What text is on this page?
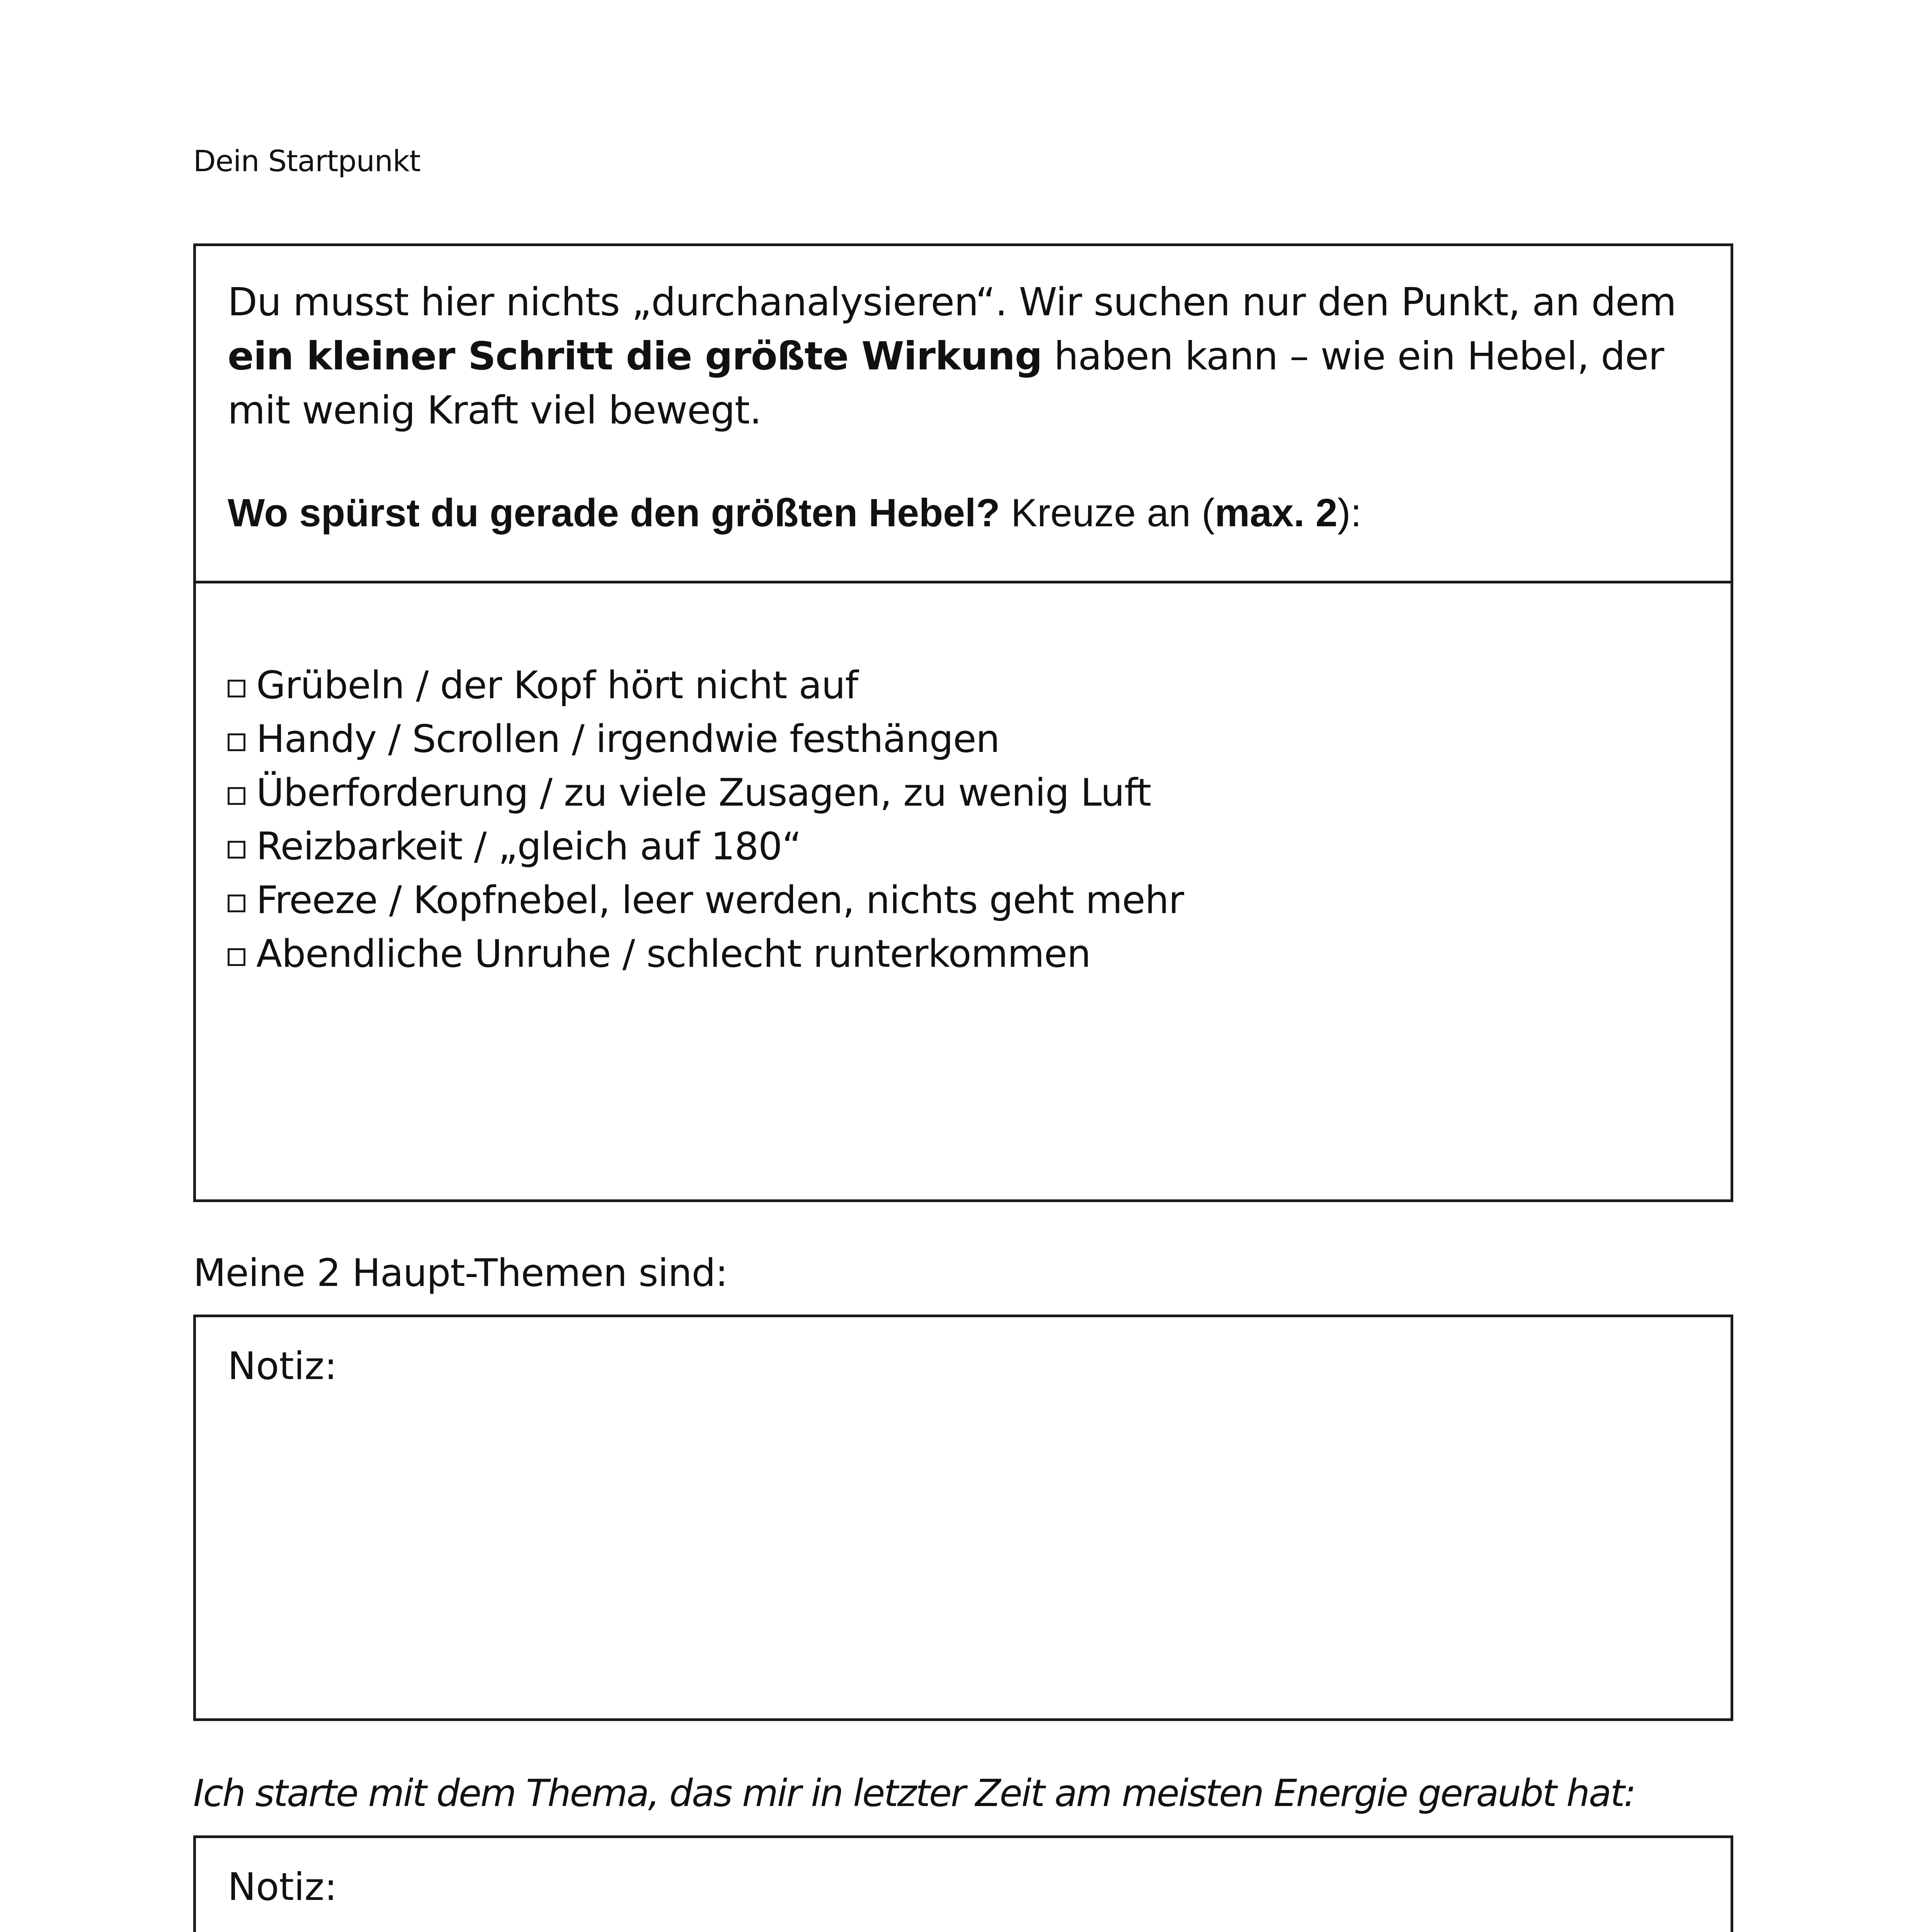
Dein Startpunkt
Du musst hier nichts „durchanalysieren“. Wir suchen nur den Punkt, an dem ein kleiner Schritt die größte Wirkung haben kann – wie ein Hebel, der mit wenig Kraft viel bewegt.
Wo spürst du gerade den größten Hebel? Kreuze an (max. 2):
Grübeln / der Kopf hört nicht auf
Handy / Scrollen / irgendwie festhängen
Überforderung / zu viele Zusagen, zu wenig Luft
Reizbarkeit / „gleich auf 180“
Freeze / Kopfnebel, leer werden, nichts geht mehr
Abendliche Unruhe / schlecht runterkommen
Meine 2 Haupt-Themen sind:
Notiz:
Ich starte mit dem Thema, das mir in letzter Zeit am meisten Energie geraubt hat:
Notiz:
